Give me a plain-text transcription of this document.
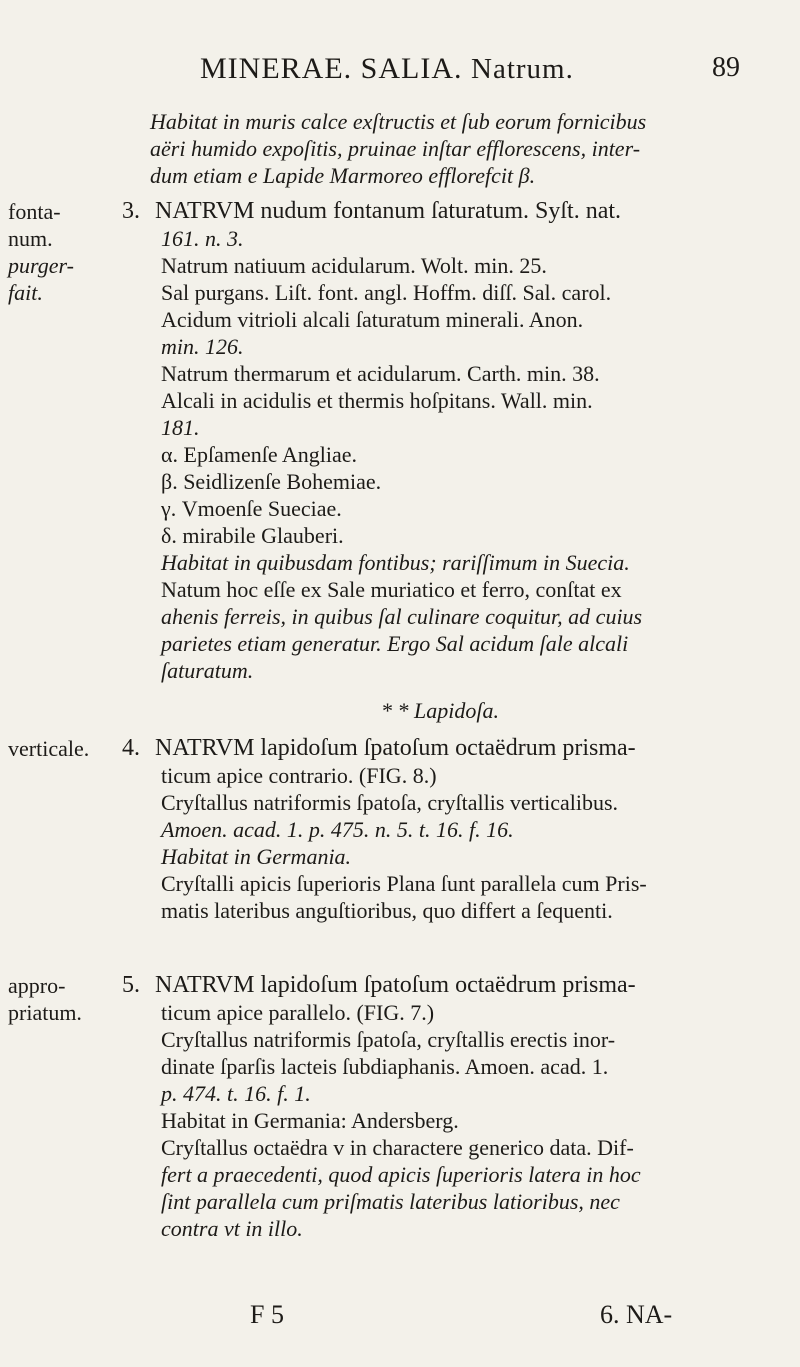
MINERAE. SALIA. Natrum.	89

Habitat in muris calce exſtructis et ſub eorum fornicibus

aëri humido expoſitis, pruinae inſtar efflorescens, inter-

dum etiam e Lapide Marmoreo efflorefcit β.

fonta-
num.
purger-
fait.
3. NATRVM nudum fontanum ſaturatum. Syſt. nat.

161. n. 3.

Natrum natiuum acidularum. Wolt. min. 25.

Sal purgans. Liſt. font. angl. Hoffm. diſſ. Sal. carol.

Acidum vitrioli alcali ſaturatum minerali. Anon.

min. 126.

Natrum thermarum et acidularum. Carth. min. 38.

Alcali in acidulis et thermis hoſpitans. Wall. min.

181.

α. Epſamenſe Angliae.

β. Seidlizenſe Bohemiae.

γ. Vmoenſe Sueciae.

δ. mirabile Glauberi.

Habitat in quibusdam fontibus; rariſſimum in Suecia.

Natum hoc eſſe ex Sale muriatico et ferro, conſtat ex

ahenis ferreis, in quibus ſal culinare coquitur, ad cuius

parietes etiam generatur. Ergo Sal acidum ſale alcali

ſaturatum.

* * Lapidoſa.
verticale.	4. NATRVM lapidoſum ſpatoſum octaëdrum prisma-

ticum apice contrario. (FIG. 8.)

Cryſtallus natriformis ſpatoſa, cryſtallis verticalibus.

Amoen. acad. 1. p. 475. n. 5. t. 16. f. 16.

Habitat in Germania.

Cryſtalli apicis ſuperioris Plana ſunt parallela cum Pris-

matis lateribus anguſtioribus, quo differt a ſequenti.

appro-
priatum.
5. NATRVM lapidoſum ſpatoſum octaëdrum prisma-

ticum apice parallelo. (FIG. 7.)

Cryſtallus natriformis ſpatoſa, cryſtallis erectis inor-

dinate ſparſis lacteis ſubdiaphanis. Amoen. acad. 1.

p. 474. t. 16. f. 1.

Habitat in Germania: Andersberg.

Cryſtallus octaëdra v in charactere generico data. Dif-

fert a praecedenti, quod apicis ſuperioris latera in hoc

ſint parallela cum priſmatis lateribus latioribus, nec

contra vt in illo.

F 5	6. NA-
